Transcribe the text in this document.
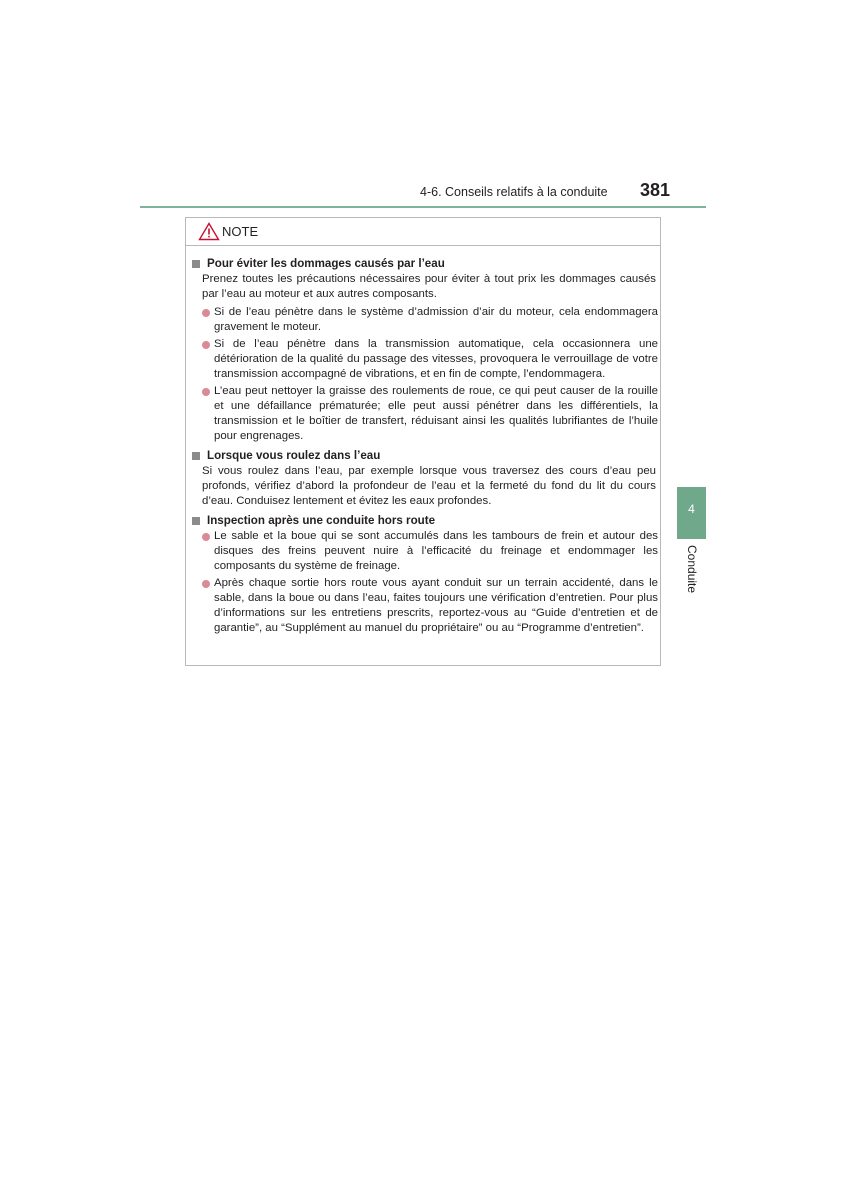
4-6. Conseils relatifs à la conduite 381
4
Conduite
NOTE
Pour éviter les dommages causés par l’eau
Prenez toutes les précautions nécessaires pour éviter à tout prix les dommages causés par l’eau au moteur et aux autres composants.
Si de l’eau pénètre dans le système d’admission d’air du moteur, cela endommagera gravement le moteur.
Si de l’eau pénètre dans la transmission automatique, cela occasionnera une détérioration de la qualité du passage des vitesses, provoquera le verrouillage de votre transmission accompagné de vibrations, et en fin de compte, l’endommagera.
L’eau peut nettoyer la graisse des roulements de roue, ce qui peut causer de la rouille et une défaillance prématurée; elle peut aussi pénétrer dans les différentiels, la transmission et le boîtier de transfert, réduisant ainsi les qualités lubrifiantes de l’huile pour engrenages.
Lorsque vous roulez dans l’eau
Si vous roulez dans l’eau, par exemple lorsque vous traversez des cours d’eau peu profonds, vérifiez d’abord la profondeur de l’eau et la fermeté du fond du lit du cours d’eau. Conduisez lentement et évitez les eaux profondes.
Inspection après une conduite hors route
Le sable et la boue qui se sont accumulés dans les tambours de frein et autour des disques des freins peuvent nuire à l’efficacité du freinage et endommager les composants du système de freinage.
Après chaque sortie hors route vous ayant conduit sur un terrain accidenté, dans le sable, dans la boue ou dans l’eau, faites toujours une vérification d’entretien. Pour plus d’informations sur les entretiens prescrits, reportez-vous au “Guide d’entretien et de garantie”, au “Supplément au manuel du propriétaire” ou au “Programme d’entretien”.
